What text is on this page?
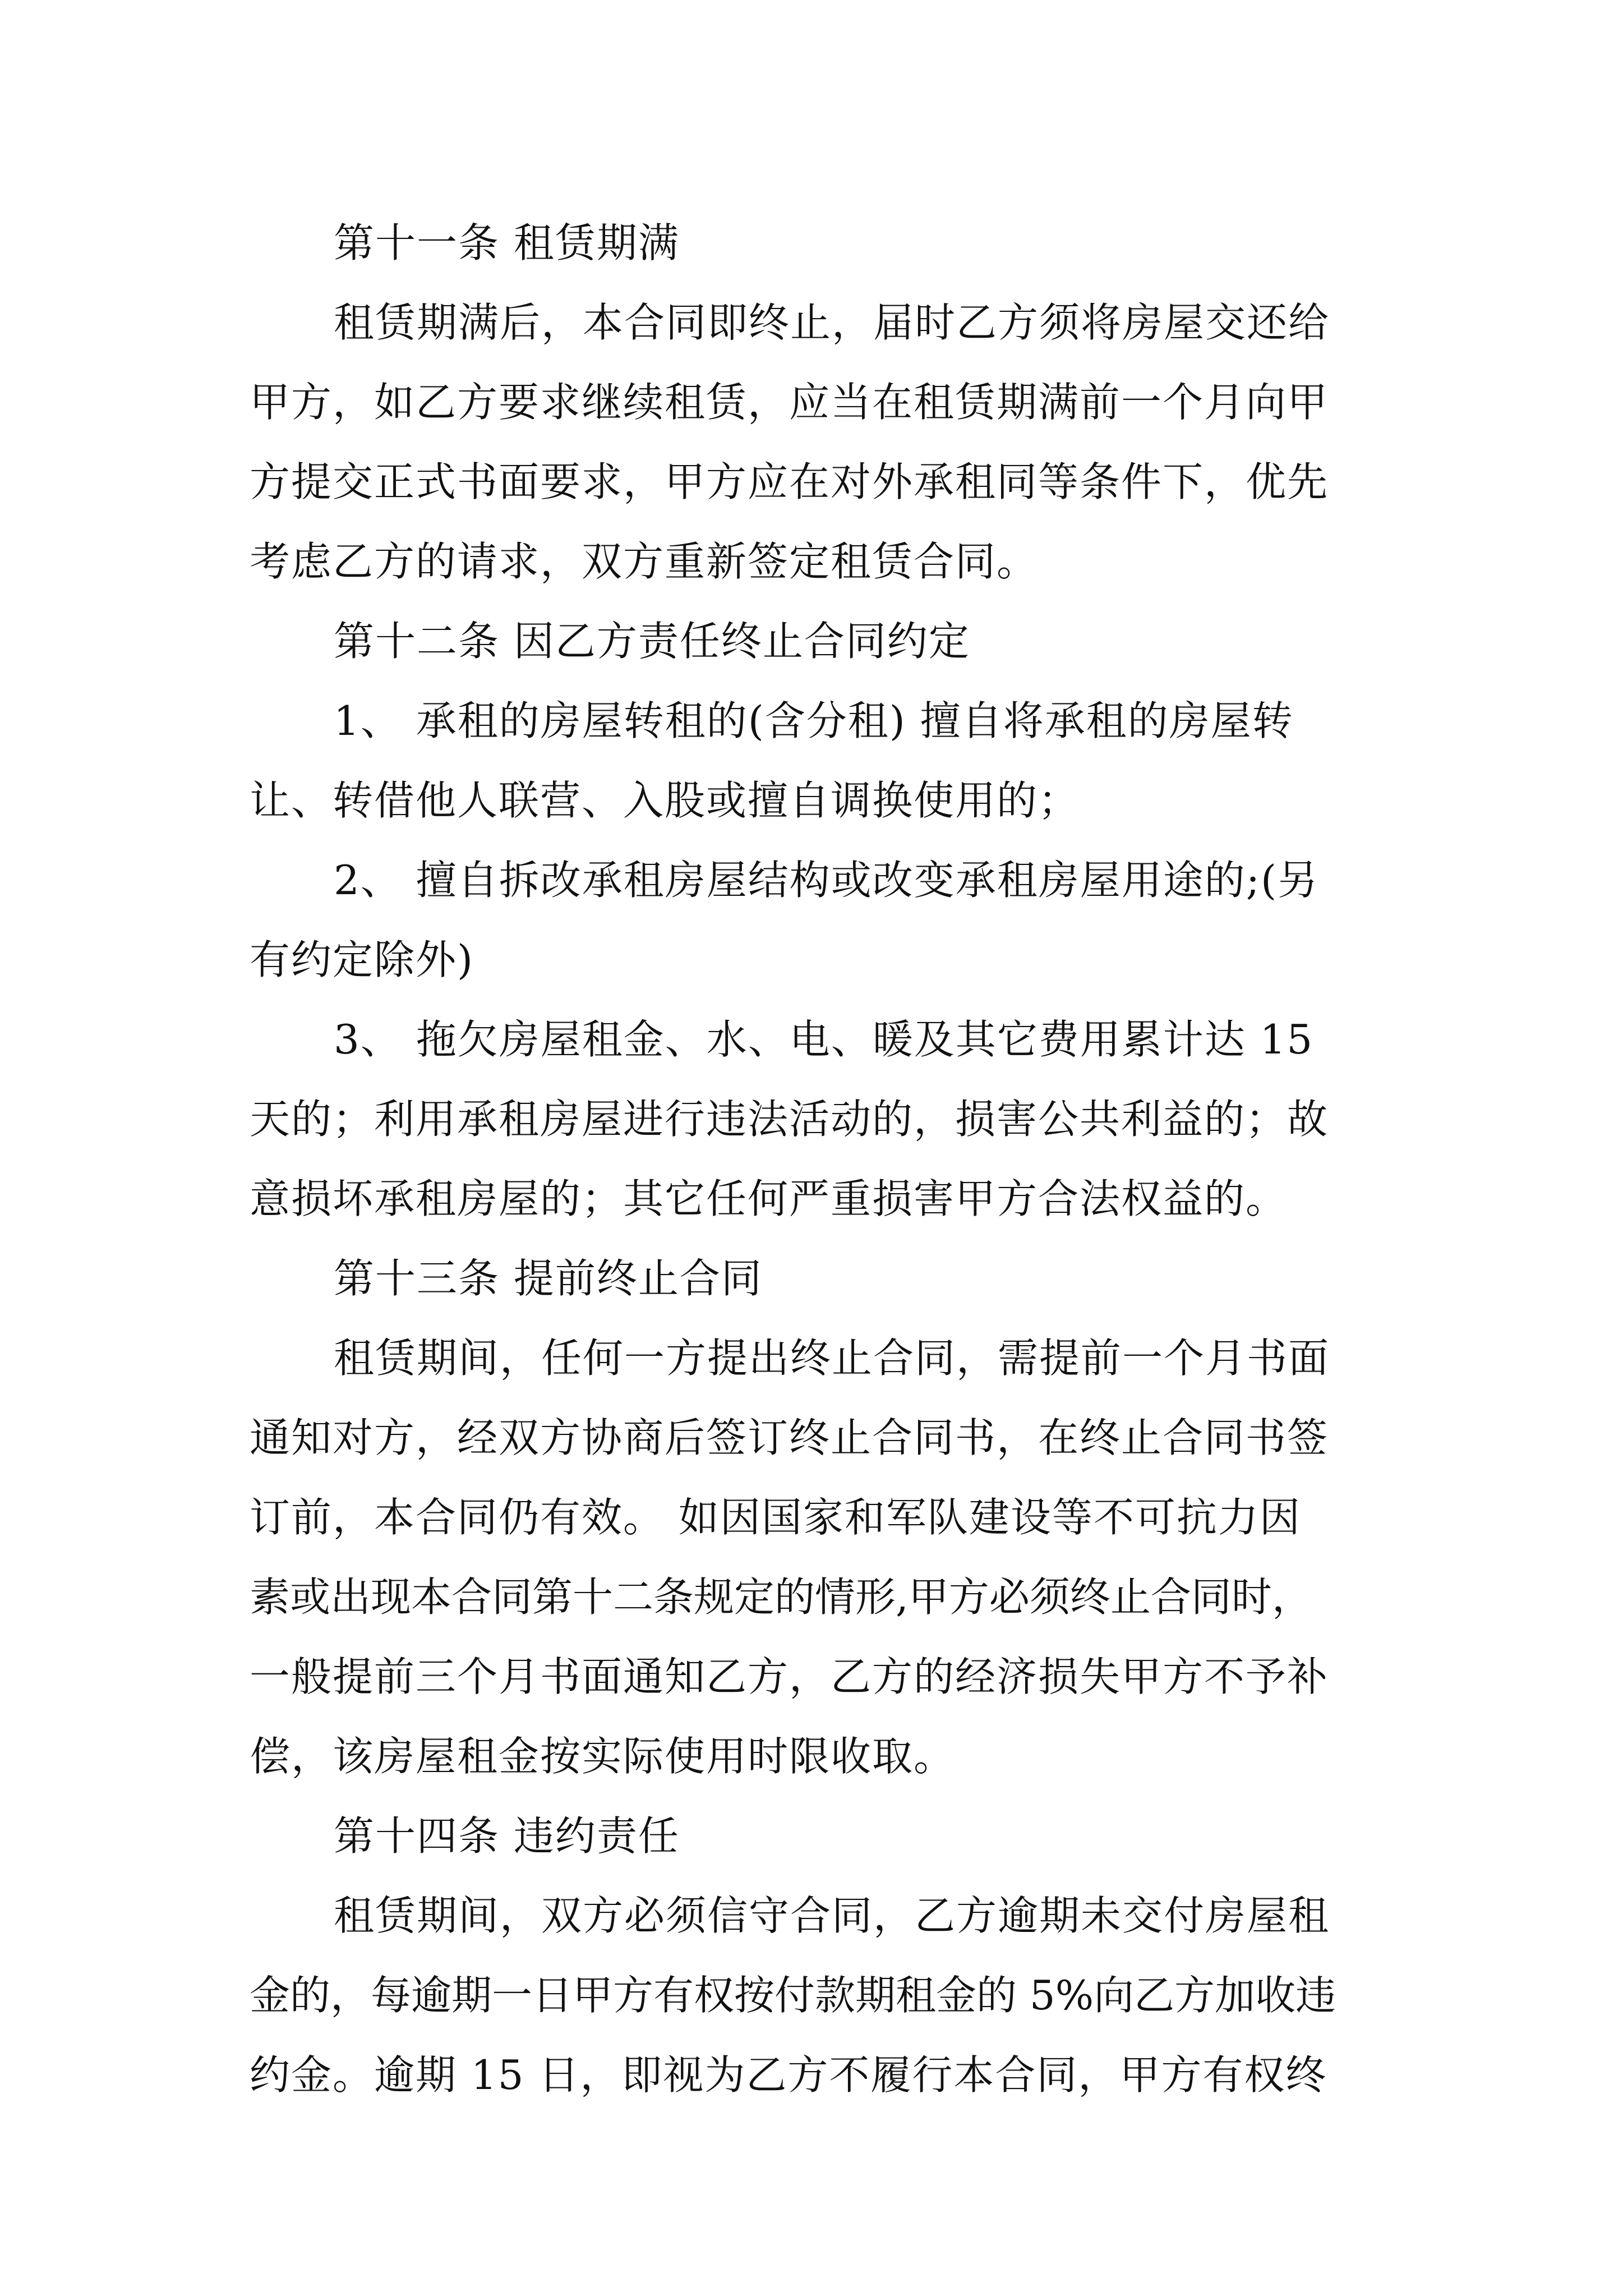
第十一条 租赁期满
租赁期满后，本合同即终止，届时乙方须将房屋交还给
甲方，如乙方要求继续租赁，应当在租赁期满前一个月向甲
方提交正式书面要求，甲方应在对外承租同等条件下，优先
考虑乙方的请求，双方重新签定租赁合同。
第十二条 因乙方责任终止合同约定
1、 承租的房屋转租的(含分租) 擅自将承租的房屋转
让、转借他人联营、入股或擅自调换使用的；
2、 擅自拆改承租房屋结构或改变承租房屋用途的;(另
有约定除外)
3、 拖欠房屋租金、水、电、暖及其它费用累计达 15
天的；利用承租房屋进行违法活动的，损害公共利益的；故
意损坏承租房屋的；其它任何严重损害甲方合法权益的。
第十三条 提前终止合同
租赁期间，任何一方提出终止合同，需提前一个月书面
通知对方，经双方协商后签订终止合同书，在终止合同书签
订前，本合同仍有效。 如因国家和军队建设等不可抗力因
素或出现本合同第十二条规定的情形,甲方必须终止合同时，
一般提前三个月书面通知乙方，乙方的经济损失甲方不予补
偿，该房屋租金按实际使用时限收取。
第十四条 违约责任
租赁期间，双方必须信守合同，乙方逾期未交付房屋租
金的，每逾期一日甲方有权按付款期租金的 5%向乙方加收违
约金。逾期 15 日，即视为乙方不履行本合同，甲方有权终
